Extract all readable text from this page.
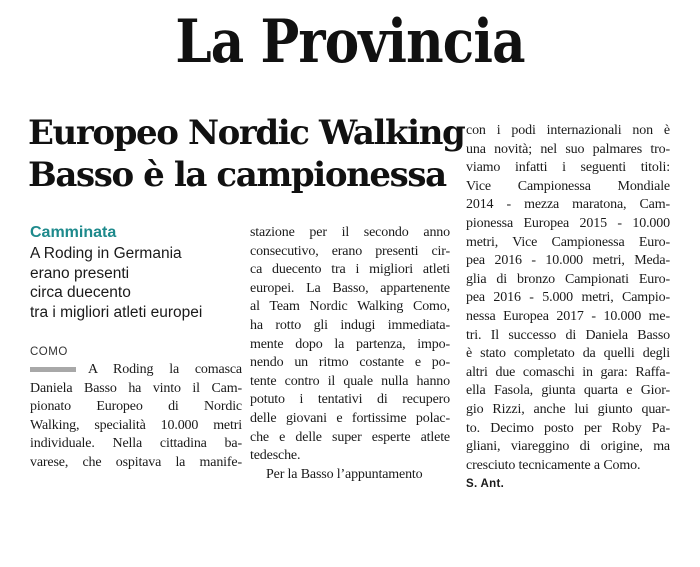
La Provincia
Europeo Nordic Walking
Basso è la campionessa
Camminata
A Roding in Germania
erano presenti
circa duecento
tra i migliori atleti europei
COMO
A Roding la comasca
Daniela Basso ha vinto il Cam-
pionato Europeo di Nordic
Walking, specialità 10.000 metri
individuale. Nella cittadina ba-
varese, che ospitava la manife-
stazione per il secondo anno
consecutivo, erano presenti cir-
ca duecento tra i migliori atleti
europei. La Basso, appartenente
al Team Nordic Walking Como,
ha rotto gli indugi immediata-
mente dopo la partenza, impo-
nendo un ritmo costante e po-
tente contro il quale nulla hanno
potuto i tentativi di recupero
delle giovani e fortissime polac-
che e delle super esperte atlete
tedesche.
Per la Basso l’appuntamento
con i podi internazionali non è
una novità; nel suo palmares tro-
viamo infatti i seguenti titoli:
Vice Campionessa Mondiale
2014 - mezza maratona, Cam-
pionessa Europea 2015 - 10.000
metri, Vice Campionessa Euro-
pea 2016 - 10.000 metri, Meda-
glia di bronzo Campionati Euro-
pea 2016 - 5.000 metri, Campio-
nessa Europea 2017 - 10.000 me-
tri. Il successo di Daniela Basso
è stato completato da quelli degli
altri due comaschi in gara: Raffa-
ella Fasola, giunta quarta e Gior-
gio Rizzi, anche lui giunto quar-
to. Decimo posto per Roby Pa-
gliani, viareggino di origine, ma
cresciuto tecnicamente a Como.
S. Ant.
